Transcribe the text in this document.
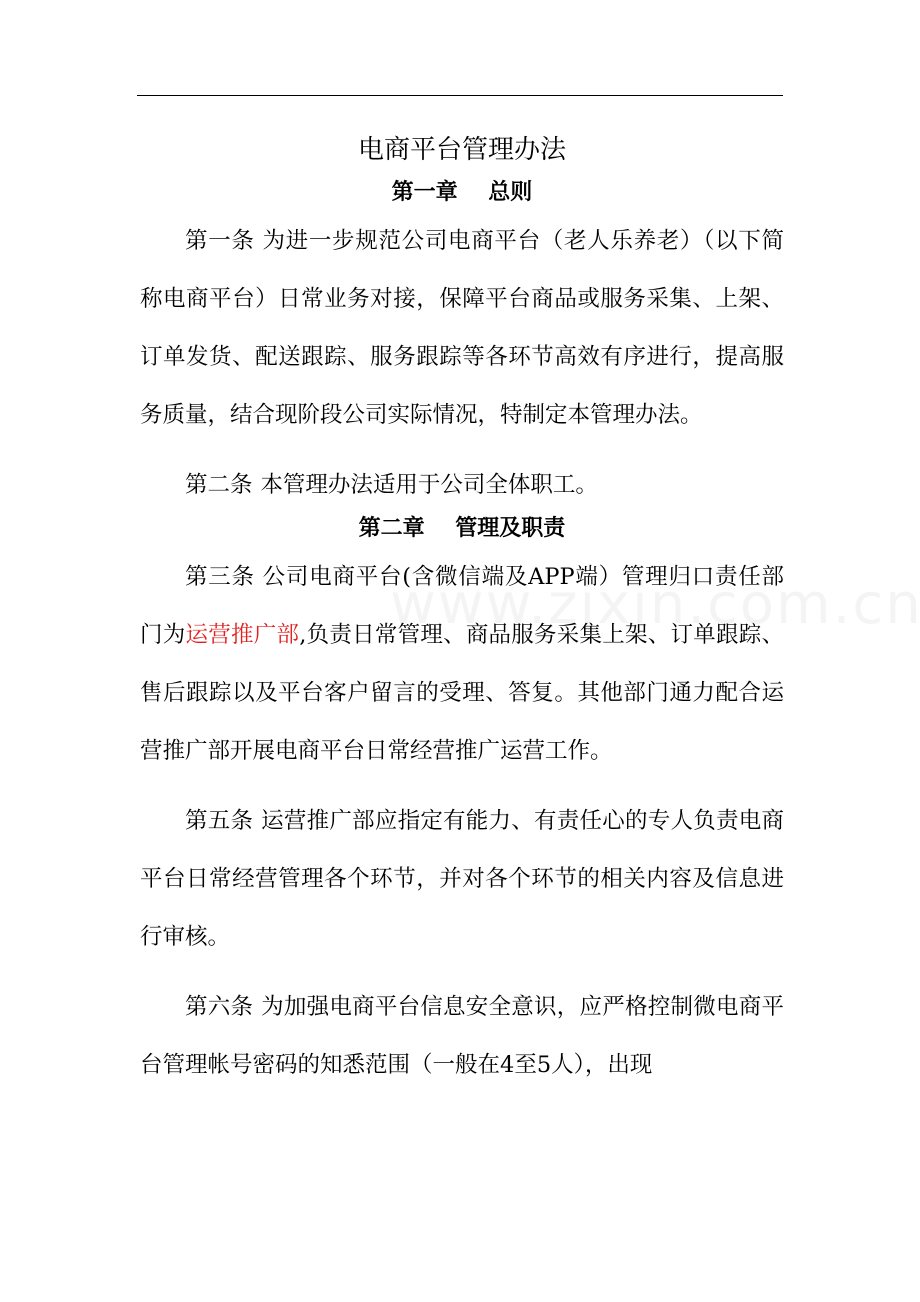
电商平台管理办法
第一章    总则

第一条 为进一步规范公司电商平台（老人乐养老）（以下简称电商平台）日常业务对接，保障平台商品或服务采集、上架、订单发货、配送跟踪、服务跟踪等各环节高效有序进行，提高服务质量，结合现阶段公司实际情况，特制定本管理办法。

第二条 本管理办法适用于公司全体职工。

第二章    管理及职责

第三条 公司电商平台(含微信端及APP端）管理归口责任部门为运营推广部,负责日常管理、商品服务采集上架、订单跟踪、售后跟踪以及平台客户留言的受理、答复。其他部门通力配合运营推广部开展电商平台日常经营推广运营工作。

第五条 运营推广部应指定有能力、有责任心的专人负责电商平台日常经营管理各个环节，并对各个环节的相关内容及信息进行审核。

第六条 为加强电商平台信息安全意识，应严格控制微电商平台管理帐号密码的知悉范围（一般在4至5人），出现
